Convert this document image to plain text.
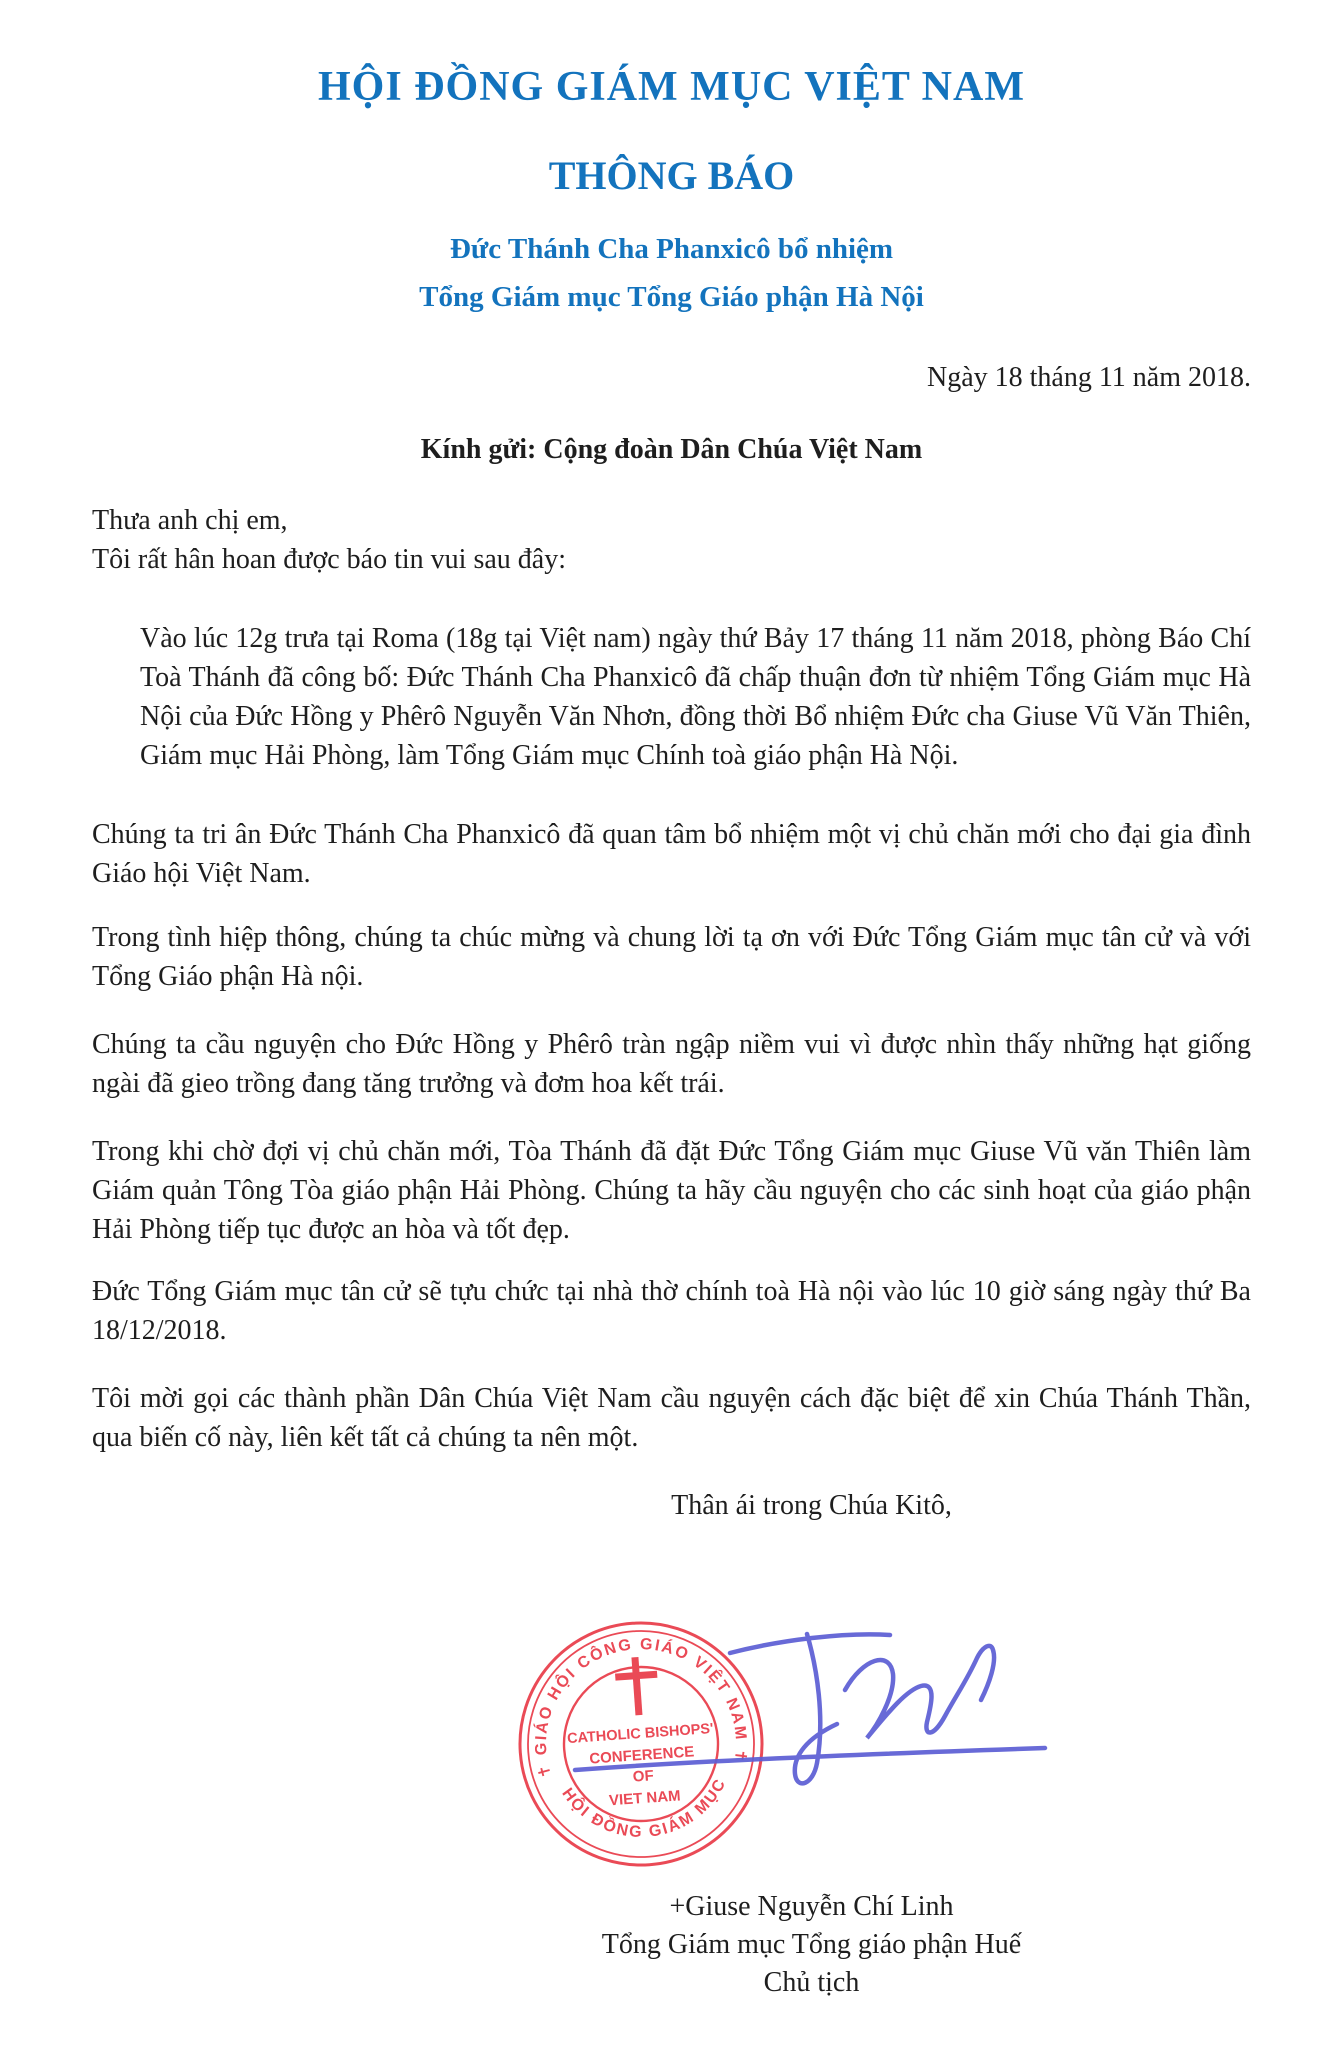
HỘI ĐỒNG GIÁM MỤC VIỆT NAM
THÔNG BÁO
Đức Thánh Cha Phanxicô bổ nhiệm
Tổng Giám mục Tổng Giáo phận Hà Nội
Ngày 18 tháng 11 năm 2018.
Kính gửi: Cộng đoàn Dân Chúa Việt Nam
Thưa anh chị em,
Tôi rất hân hoan được báo tin vui sau đây:

Vào lúc 12g trưa tại Roma (18g tại Việt nam) ngày thứ Bảy 17 tháng 11 năm 2018, phòng Báo Chí Toà Thánh đã công bố: Đức Thánh Cha Phanxicô đã chấp thuận đơn từ nhiệm Tổng Giám mục Hà Nội của Đức Hồng y Phêrô Nguyễn Văn Nhơn, đồng thời Bổ nhiệm Đức cha Giuse Vũ Văn Thiên, Giám mục Hải Phòng, làm Tổng Giám mục Chính toà giáo phận Hà Nội.

Chúng ta tri ân Đức Thánh Cha Phanxicô đã quan tâm bổ nhiệm một vị chủ chăn mới cho đại gia đình Giáo hội Việt Nam.

Trong tình hiệp thông, chúng ta chúc mừng và chung lời tạ ơn với Đức Tổng Giám mục tân cử và với Tổng Giáo phận Hà nội.

Chúng ta cầu nguyện cho Đức Hồng y Phêrô tràn ngập niềm vui vì được nhìn thấy những hạt giống ngài đã gieo trồng đang tăng trưởng và đơm hoa kết trái.

Trong khi chờ đợi vị chủ chăn mới, Tòa Thánh đã đặt Đức Tổng Giám mục Giuse Vũ văn Thiên làm Giám quản Tông Tòa giáo phận Hải Phòng. Chúng ta hãy cầu nguyện cho các sinh hoạt của giáo phận Hải Phòng tiếp tục được an hòa và tốt đẹp.

Đức Tổng Giám mục tân cử sẽ tựu chức tại nhà thờ chính toà Hà nội vào lúc 10 giờ sáng ngày thứ Ba 18/12/2018.

Tôi mời gọi các thành phần Dân Chúa Việt Nam cầu nguyện cách đặc biệt để xin Chúa Thánh Thần, qua biến cố này, liên kết tất cả chúng ta nên một.

Thân ái trong Chúa Kitô,
✝ GIÁO HỘI CÔNG GIÁO VIỆT NAM ✝
HỘI ĐỒNG GIÁM MỤC
CATHOLIC BISHOPS'
CONFERENCE
OF
VIET NAM
+Giuse Nguyễn Chí Linh
Tổng Giám mục Tổng giáo phận Huế
Chủ tịch
